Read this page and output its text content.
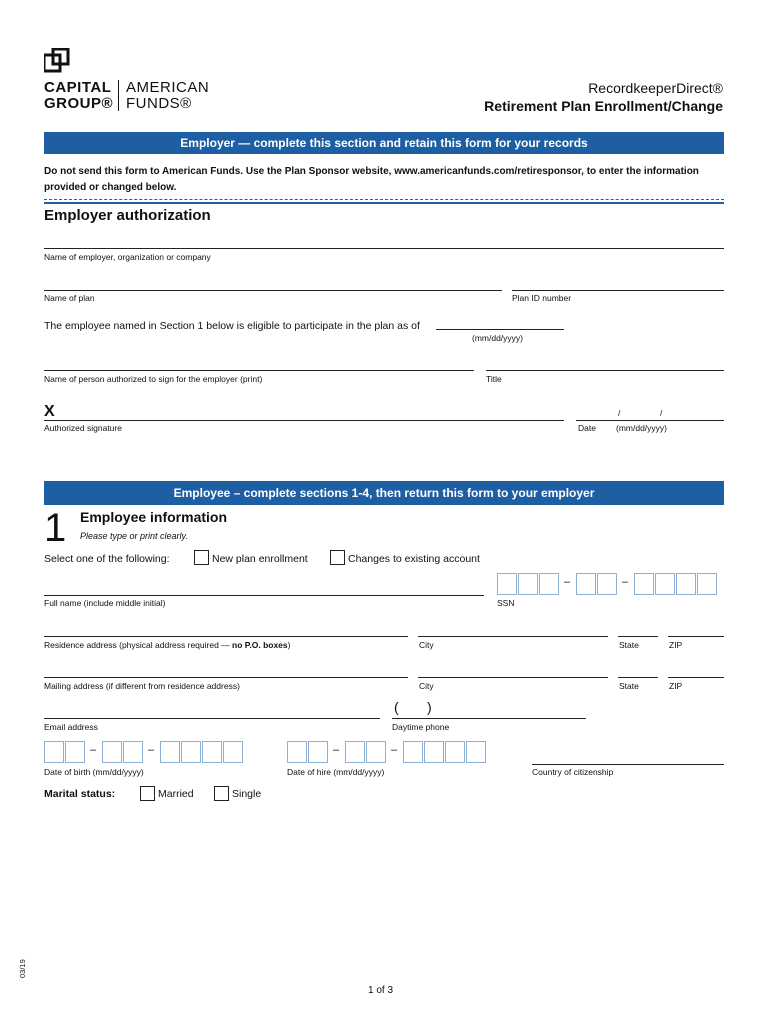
CAPITAL
GROUP®
AMERICAN
FUNDS®
RecordkeeperDirect®
Retirement Plan Enrollment/Change
Employer — complete this section and retain this form for your records
Do not send this form to American Funds. Use the Plan Sponsor website, www.americanfunds.com/retiresponsor, to enter the information provided or changed below.
Employer authorization
Name of employer, organization or company
Name of plan	Plan ID number
The employee named in Section 1 below is eligible to participate in the plan as of
(mm/dd/yyyy)
Name of person authorized to sign for the employer (print)	Title
X
Authorized signature
/	/
Date (mm/dd/yyyy)
Employee – complete sections 1-4, then return this form to your employer
1 Employee information
Please type or print clearly.
Select one of the following:	New plan enrollment	Changes to existing account
–	–
Full name (include middle initial)	SSN
Residence address (physical address required — no P.O. boxes)	City	State	ZIP
Mailing address (if different from residence address)	City	State	ZIP
Email address
( )
Daytime phone
–	–
Date of birth (mm/dd/yyyy)
–	–
Date of hire (mm/dd/yyyy)	Country of citizenship
Marital status:	Married	Single
03/19
1 of 3
